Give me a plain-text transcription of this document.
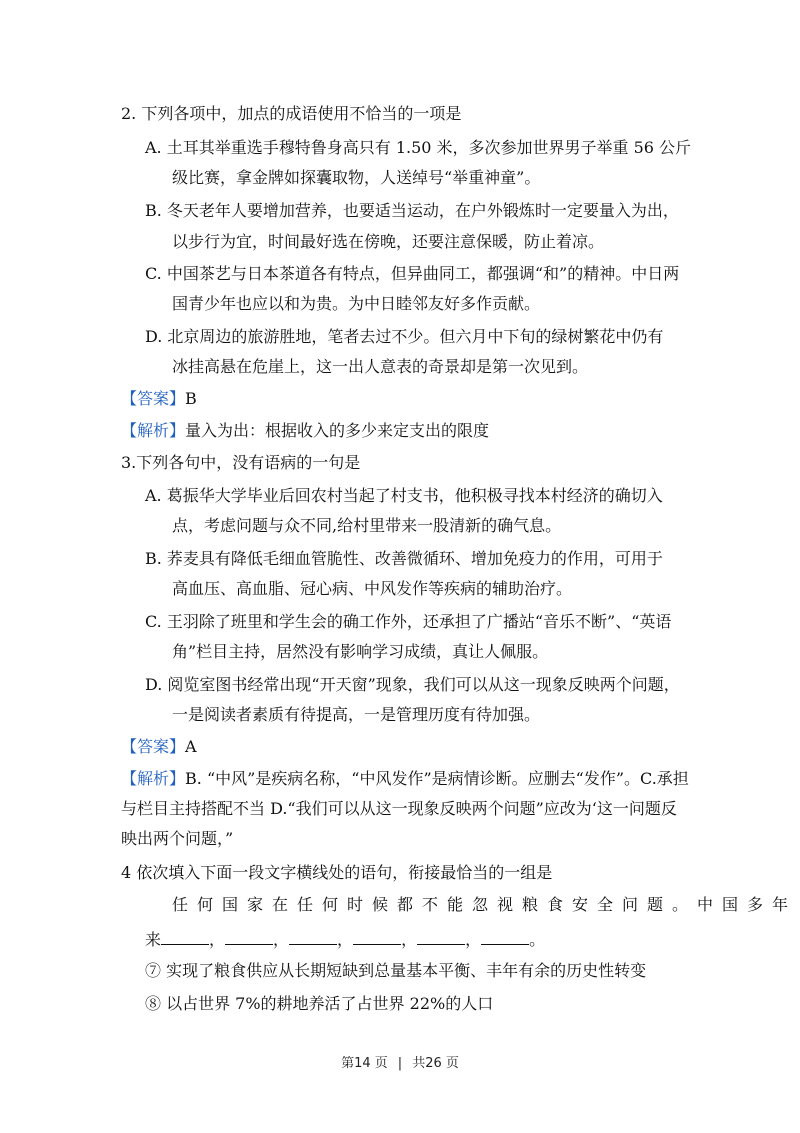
2. 下列各项中，加点的成语使用不恰当的一项是
A. 土耳其举重选手穆特鲁身高只有 1.50 米，多次参加世界男子举重 56 公斤
级比赛，拿金牌如探囊取物，人送绰号“举重神童”。
B. 冬天老年人要增加营养，也要适当运动，在户外锻炼时一定要量入为出，
以步行为宜，时间最好选在傍晚，还要注意保暖，防止着凉。
C. 中国茶艺与日本茶道各有特点，但异曲同工，都强调“和”的精神。中日两
国青少年也应以和为贵。为中日睦邻友好多作贡献。
D. 北京周边的旅游胜地，笔者去过不少。但六月中下旬的绿树繁花中仍有
冰挂高悬在危崖上，这一出人意表的奇景却是第一次见到。
【答案】B
【解析】量入为出：根据收入的多少来定支出的限度
3.下列各句中，没有语病的一句是
A. 葛振华大学毕业后回农村当起了村支书，他积极寻找本村经济的确切入
点，考虑问题与众不同,给村里带来一股清新的确气息。
B. 荞麦具有降低毛细血管脆性、改善微循环、增加免疫力的作用，可用于
高血压、高血脂、冠心病、中风发作等疾病的辅助治疗。
C. 王羽除了班里和学生会的确工作外，还承担了广播站“音乐不断”、“英语
角”栏目主持，居然没有影响学习成绩，真让人佩服。
D. 阅览室图书经常出现“开天窗”现象，我们可以从这一现象反映两个问题，
一是阅读者素质有待提高，一是管理历度有待加强。
【答案】A
【解析】B. “中风”是疾病名称，“中风发作”是病情诊断。应删去“发作”。C.承担
与栏目主持搭配不当 D.“我们可以从这一现象反映两个问题”应改为‘这一问题反
映出两个问题，”
4 依次填入下面一段文字横线处的语句，衔接最恰当的一组是
任何国家在任何时候都不能忽视粮食安全问题。中国多年
来	，	，	，	，	，	。
⑦ 实现了粮食供应从长期短缺到总量基本平衡、丰年有余的历史性转变
⑧ 以占世界 7%的耕地养活了占世界 22%的人口
第14 页 | 共26 页
